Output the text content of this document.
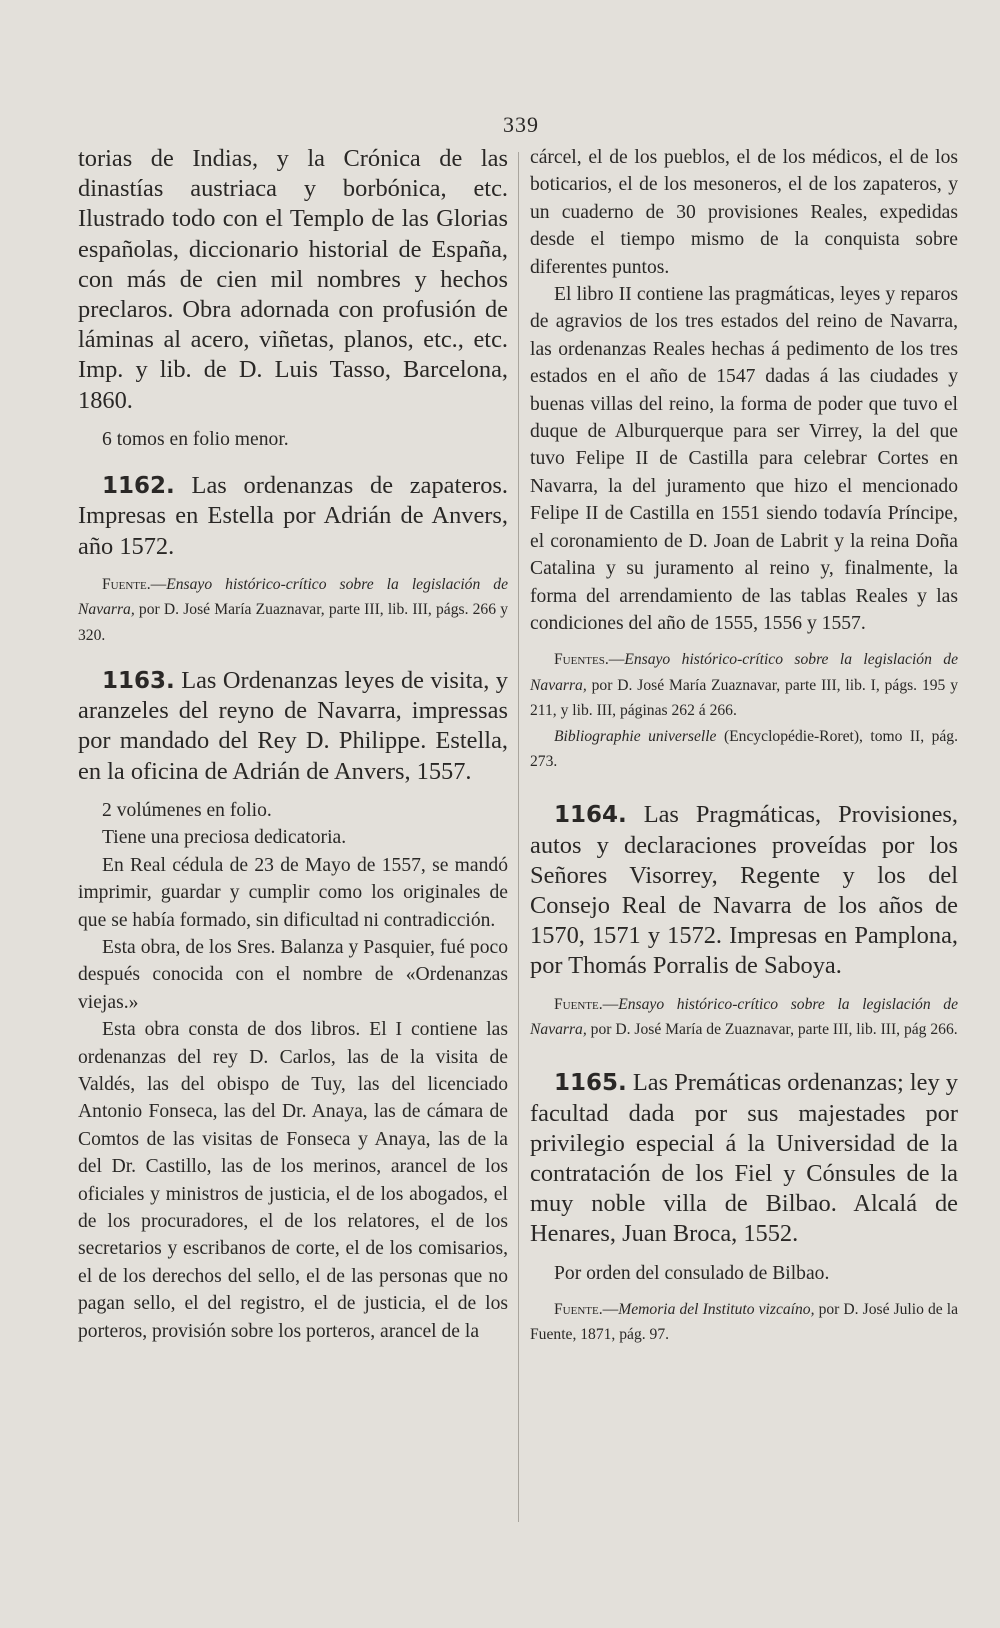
339

torias de Indias, y la Crónica de las dinastías austriaca y borbónica, etc. Ilustrado todo con el Templo de las Glorias españolas, diccionario historial de España, con más de cien mil nombres y hechos preclaros. Obra adornada con profusión de láminas al acero, viñetas, planos, etc., etc. Imp. y lib. de D. Luis Tasso, Barcelona, 1860.

6 tomos en folio menor.

1162. Las ordenanzas de zapateros. Impresas en Estella por Adrián de Anvers, año 1572.

Fuente.—Ensayo histórico-crítico sobre la legislación de Navarra, por D. José María Zuaznavar, parte III, lib. III, págs. 266 y 320.

1163. Las Ordenanzas leyes de visita, y aranzeles del reyno de Navarra, impressas por mandado del Rey D. Philippe. Estella, en la oficina de Adrián de Anvers, 1557.

2 volúmenes en folio.

Tiene una preciosa dedicatoria.

En Real cédula de 23 de Mayo de 1557, se mandó imprimir, guardar y cumplir como los originales de que se había formado, sin dificultad ni contradicción.

Esta obra, de los Sres. Balanza y Pasquier, fué poco después conocida con el nombre de «Ordenanzas viejas.»

Esta obra consta de dos libros. El I contiene las ordenanzas del rey D. Carlos, las de la visita de Valdés, las del obispo de Tuy, las del licenciado Antonio Fonseca, las del Dr. Anaya, las de cámara de Comtos de las visitas de Fonseca y Anaya, las de la del Dr. Castillo, las de los merinos, arancel de los oficiales y ministros de justicia, el de los abogados, el de los procuradores, el de los relatores, el de los secretarios y escribanos de corte, el de los comisarios, el de los derechos del sello, el de las personas que no pagan sello, el del registro, el de justicia, el de los porteros, provisión sobre los porteros, arancel de la

cárcel, el de los pueblos, el de los médicos, el de los boticarios, el de los mesoneros, el de los zapateros, y un cuaderno de 30 provisiones Reales, expedidas desde el tiempo mismo de la conquista sobre diferentes puntos.

El libro II contiene las pragmáticas, leyes y reparos de agravios de los tres estados del reino de Navarra, las ordenanzas Reales hechas á pedimento de los tres estados en el año de 1547 dadas á las ciudades y buenas villas del reino, la forma de poder que tuvo el duque de Alburquerque para ser Virrey, la del que tuvo Felipe II de Castilla para celebrar Cortes en Navarra, la del juramento que hizo el mencionado Felipe II de Castilla en 1551 siendo todavía Príncipe, el coronamiento de D. Joan de Labrit y la reina Doña Catalina y su juramento al reino y, finalmente, la forma del arrendamiento de las tablas Reales y las condiciones del año de 1555, 1556 y 1557.

Fuentes.—Ensayo histórico-crítico sobre la legislación de Navarra, por D. José María Zuaznavar, parte III, lib. I, págs. 195 y 211, y lib. III, páginas 262 á 266.

Bibliographie universelle (Encyclopédie-Roret), tomo II, pág. 273.

1164. Las Pragmáticas, Provisiones, autos y declaraciones proveídas por los Señores Visorrey, Regente y los del Consejo Real de Navarra de los años de 1570, 1571 y 1572. Impresas en Pamplona, por Thomás Porralis de Saboya.

Fuente.—Ensayo histórico-crítico sobre la legislación de Navarra, por D. José María de Zuaznavar, parte III, lib. III, pág 266.

1165. Las Premáticas ordenanzas; ley y facultad dada por sus majestades por privilegio especial á la Universidad de la contratación de los Fiel y Cónsules de la muy noble villa de Bilbao. Alcalá de Henares, Juan Broca, 1552.

Por orden del consulado de Bilbao.

Fuente.—Memoria del Instituto vizcaíno, por D. José Julio de la Fuente, 1871, pág. 97.
